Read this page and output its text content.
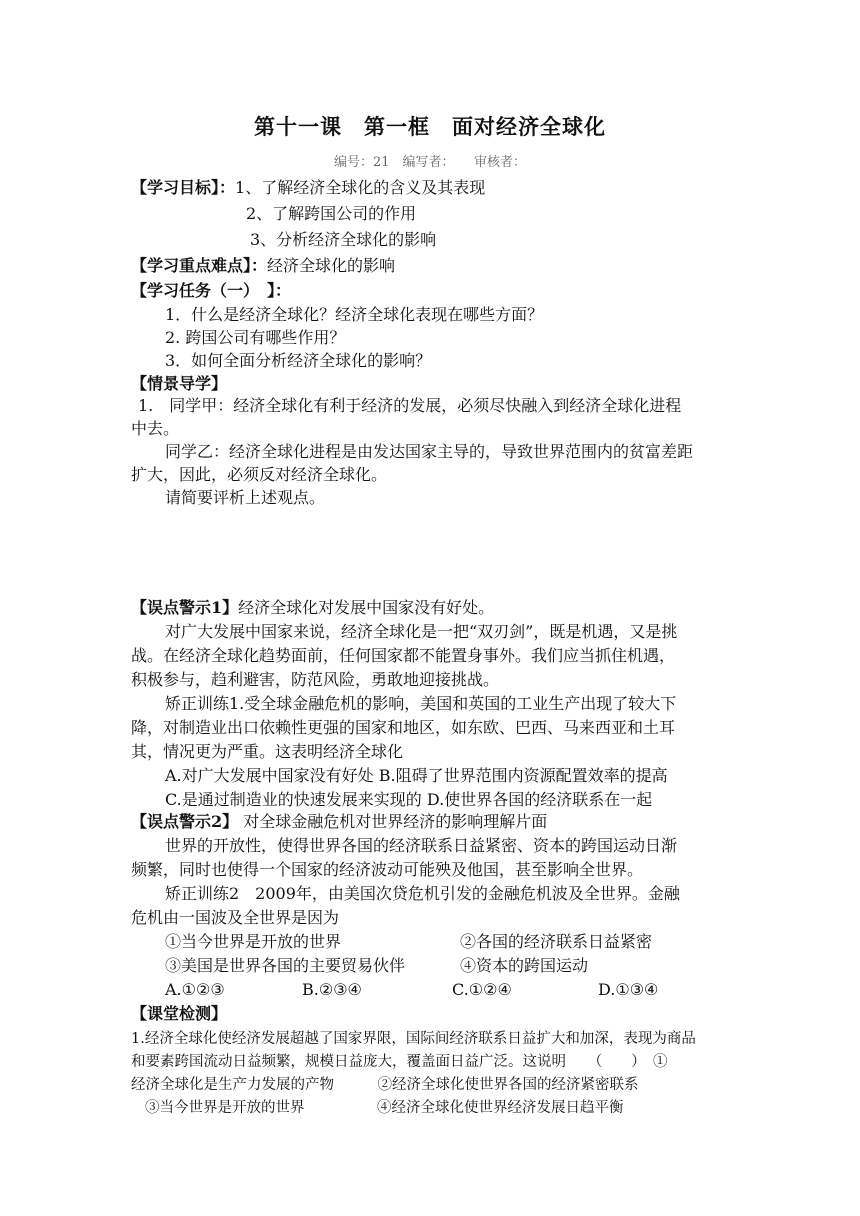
第十一课　第一框　面对经济全球化
编号：21　编写者：　　审核者：
【学习目标】：1、了解经济全球化的含义及其表现
2、了解跨国公司的作用
3、分析经济全球化的影响
【学习重点难点】：经济全球化的影响
【学习任务（一）　】：
1．什么是经济全球化？经济全球化表现在哪些方面？
2. 跨国公司有哪些作用？
3．如何全面分析经济全球化的影响？
【情景导学】
1.　同学甲：经济全球化有利于经济的发展，必须尽快融入到经济全球化进程
中去。
同学乙：经济全球化进程是由发达国家主导的，导致世界范围内的贫富差距
扩大，因此，必须反对经济全球化。
请简要评析上述观点。
【误点警示1】经济全球化对发展中国家没有好处。
对广大发展中国家来说，经济全球化是一把“双刃剑”，既是机遇，又是挑
战。在经济全球化趋势面前，任何国家都不能置身事外。我们应当抓住机遇，
积极参与，趋利避害，防范风险，勇敢地迎接挑战。
矫正训练1.受全球金融危机的影响，美国和英国的工业生产出现了较大下
降，对制造业出口依赖性更强的国家和地区，如东欧、巴西、马来西亚和土耳
其，情况更为严重。这表明经济全球化
A.对广大发展中国家没有好处 B.阻碍了世界范围内资源配置效率的提高
C.是通过制造业的快速发展来实现的 D.使世界各国的经济联系在一起
【误点警示2】 对全球金融危机对世界经济的影响理解片面
世界的开放性，使得世界各国的经济联系日益紧密、资本的跨国运动日渐
频繁，同时也使得一个国家的经济波动可能殃及他国，甚至影响全世界。
矫正训练2　2009年，由美国次贷危机引发的金融危机波及全世界。金融
危机由一国波及全世界是因为
①当今世界是开放的世界	②各国的经济联系日益紧密
③美国是世界各国的主要贸易伙伴	④资本的跨国运动
A.①②③	B.②③④	C.①②④	D.①③④
【课堂检测】
1.经济全球化使经济发展超越了国家界限，国际间经济联系日益扩大和加深，表现为商品
和要素跨国流动日益频繁，规模日益庞大，覆盖面日益广泛。这说明　　（　　）　①
经济全球化是生产力发展的产物　　　②经济全球化使世界各国的经济紧密联系
③当今世界是开放的世界　　　　　④经济全球化使世界经济发展日趋平衡
